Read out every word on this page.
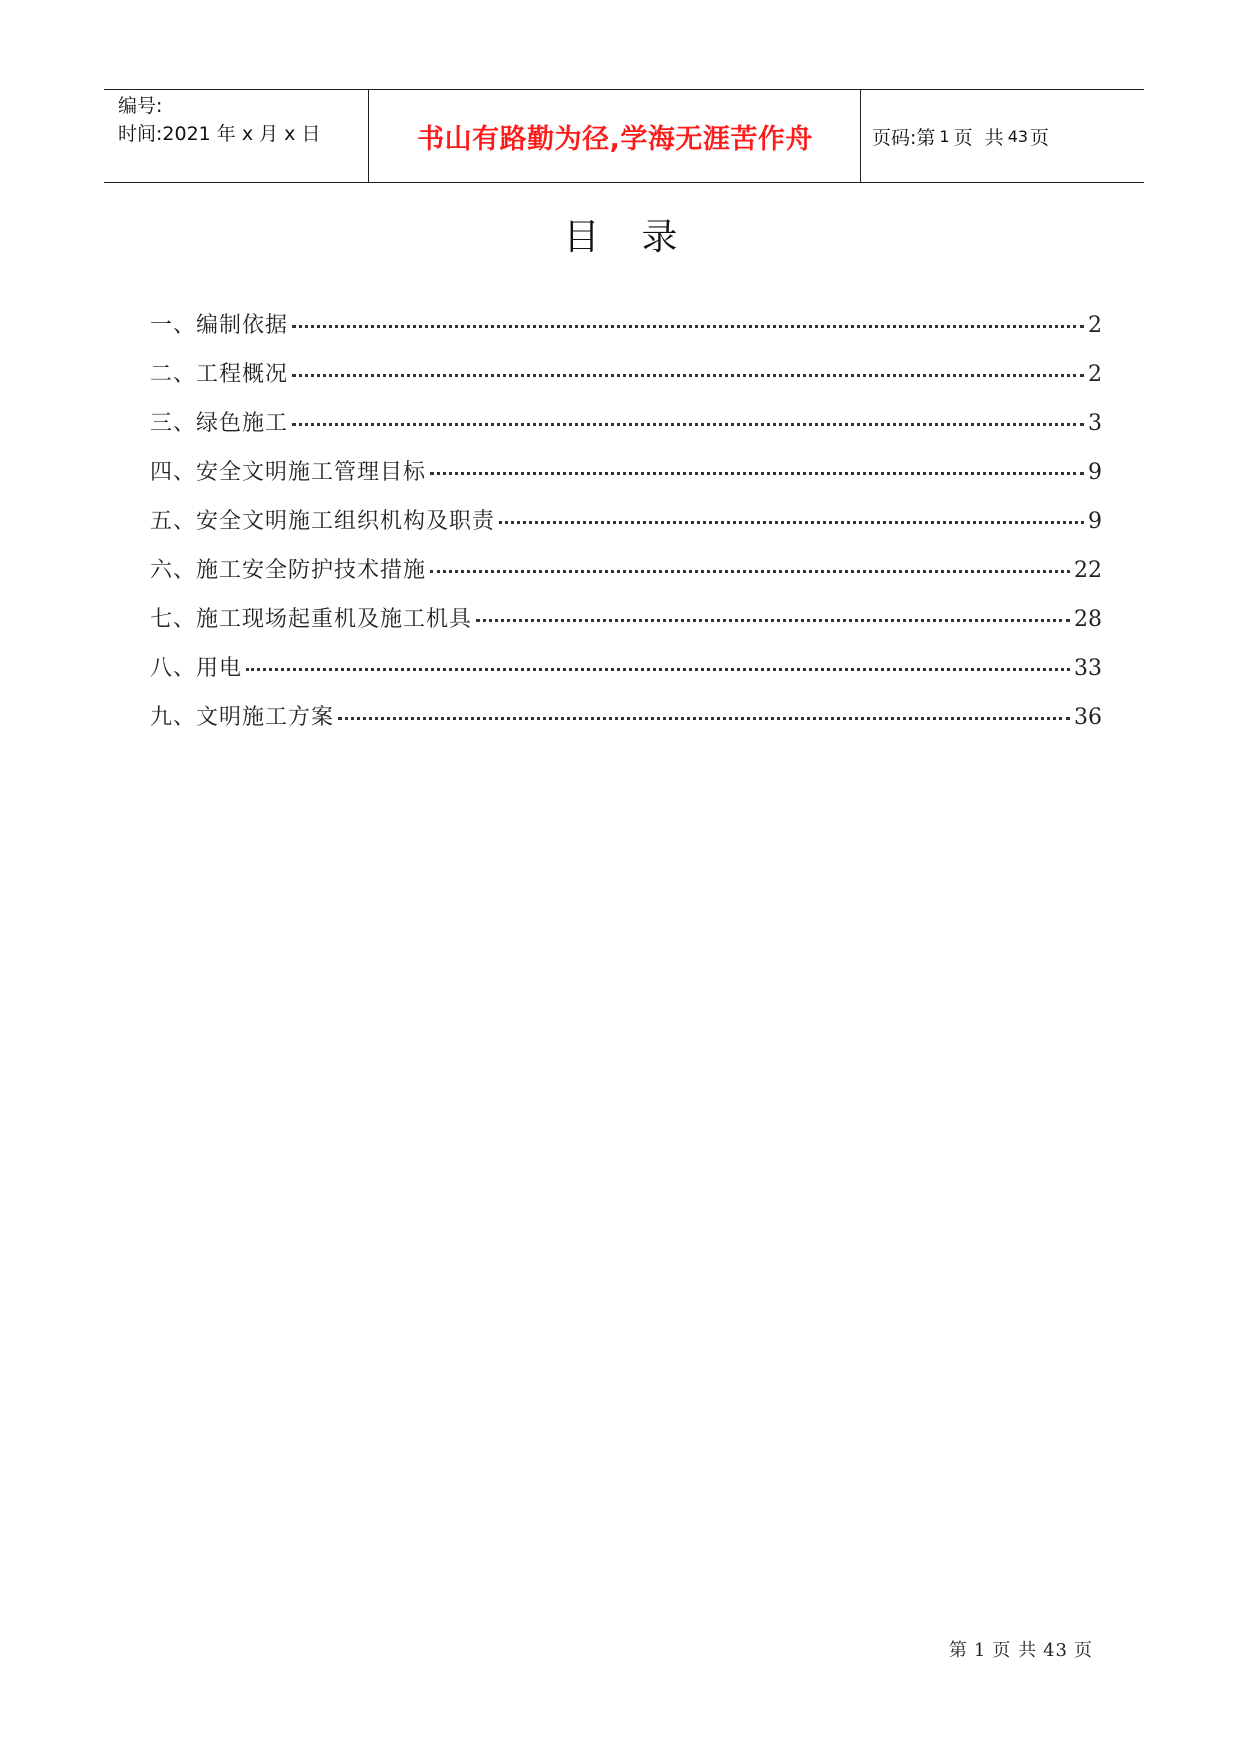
编号:
时间:2021 年 x 月 x 日	书山有路勤为径,学海无涯苦作舟	页码:第 1 页  共 43 页
目录
一、编制依据	2
二、工程概况	2
三、绿色施工	3
四、安全文明施工管理目标	9
五、安全文明施工组织机构及职责	9
六、施工安全防护技术措施	22
七、施工现场起重机及施工机具	28
八、用电	33
九、文明施工方案	36
第 1 页 共 43 页
